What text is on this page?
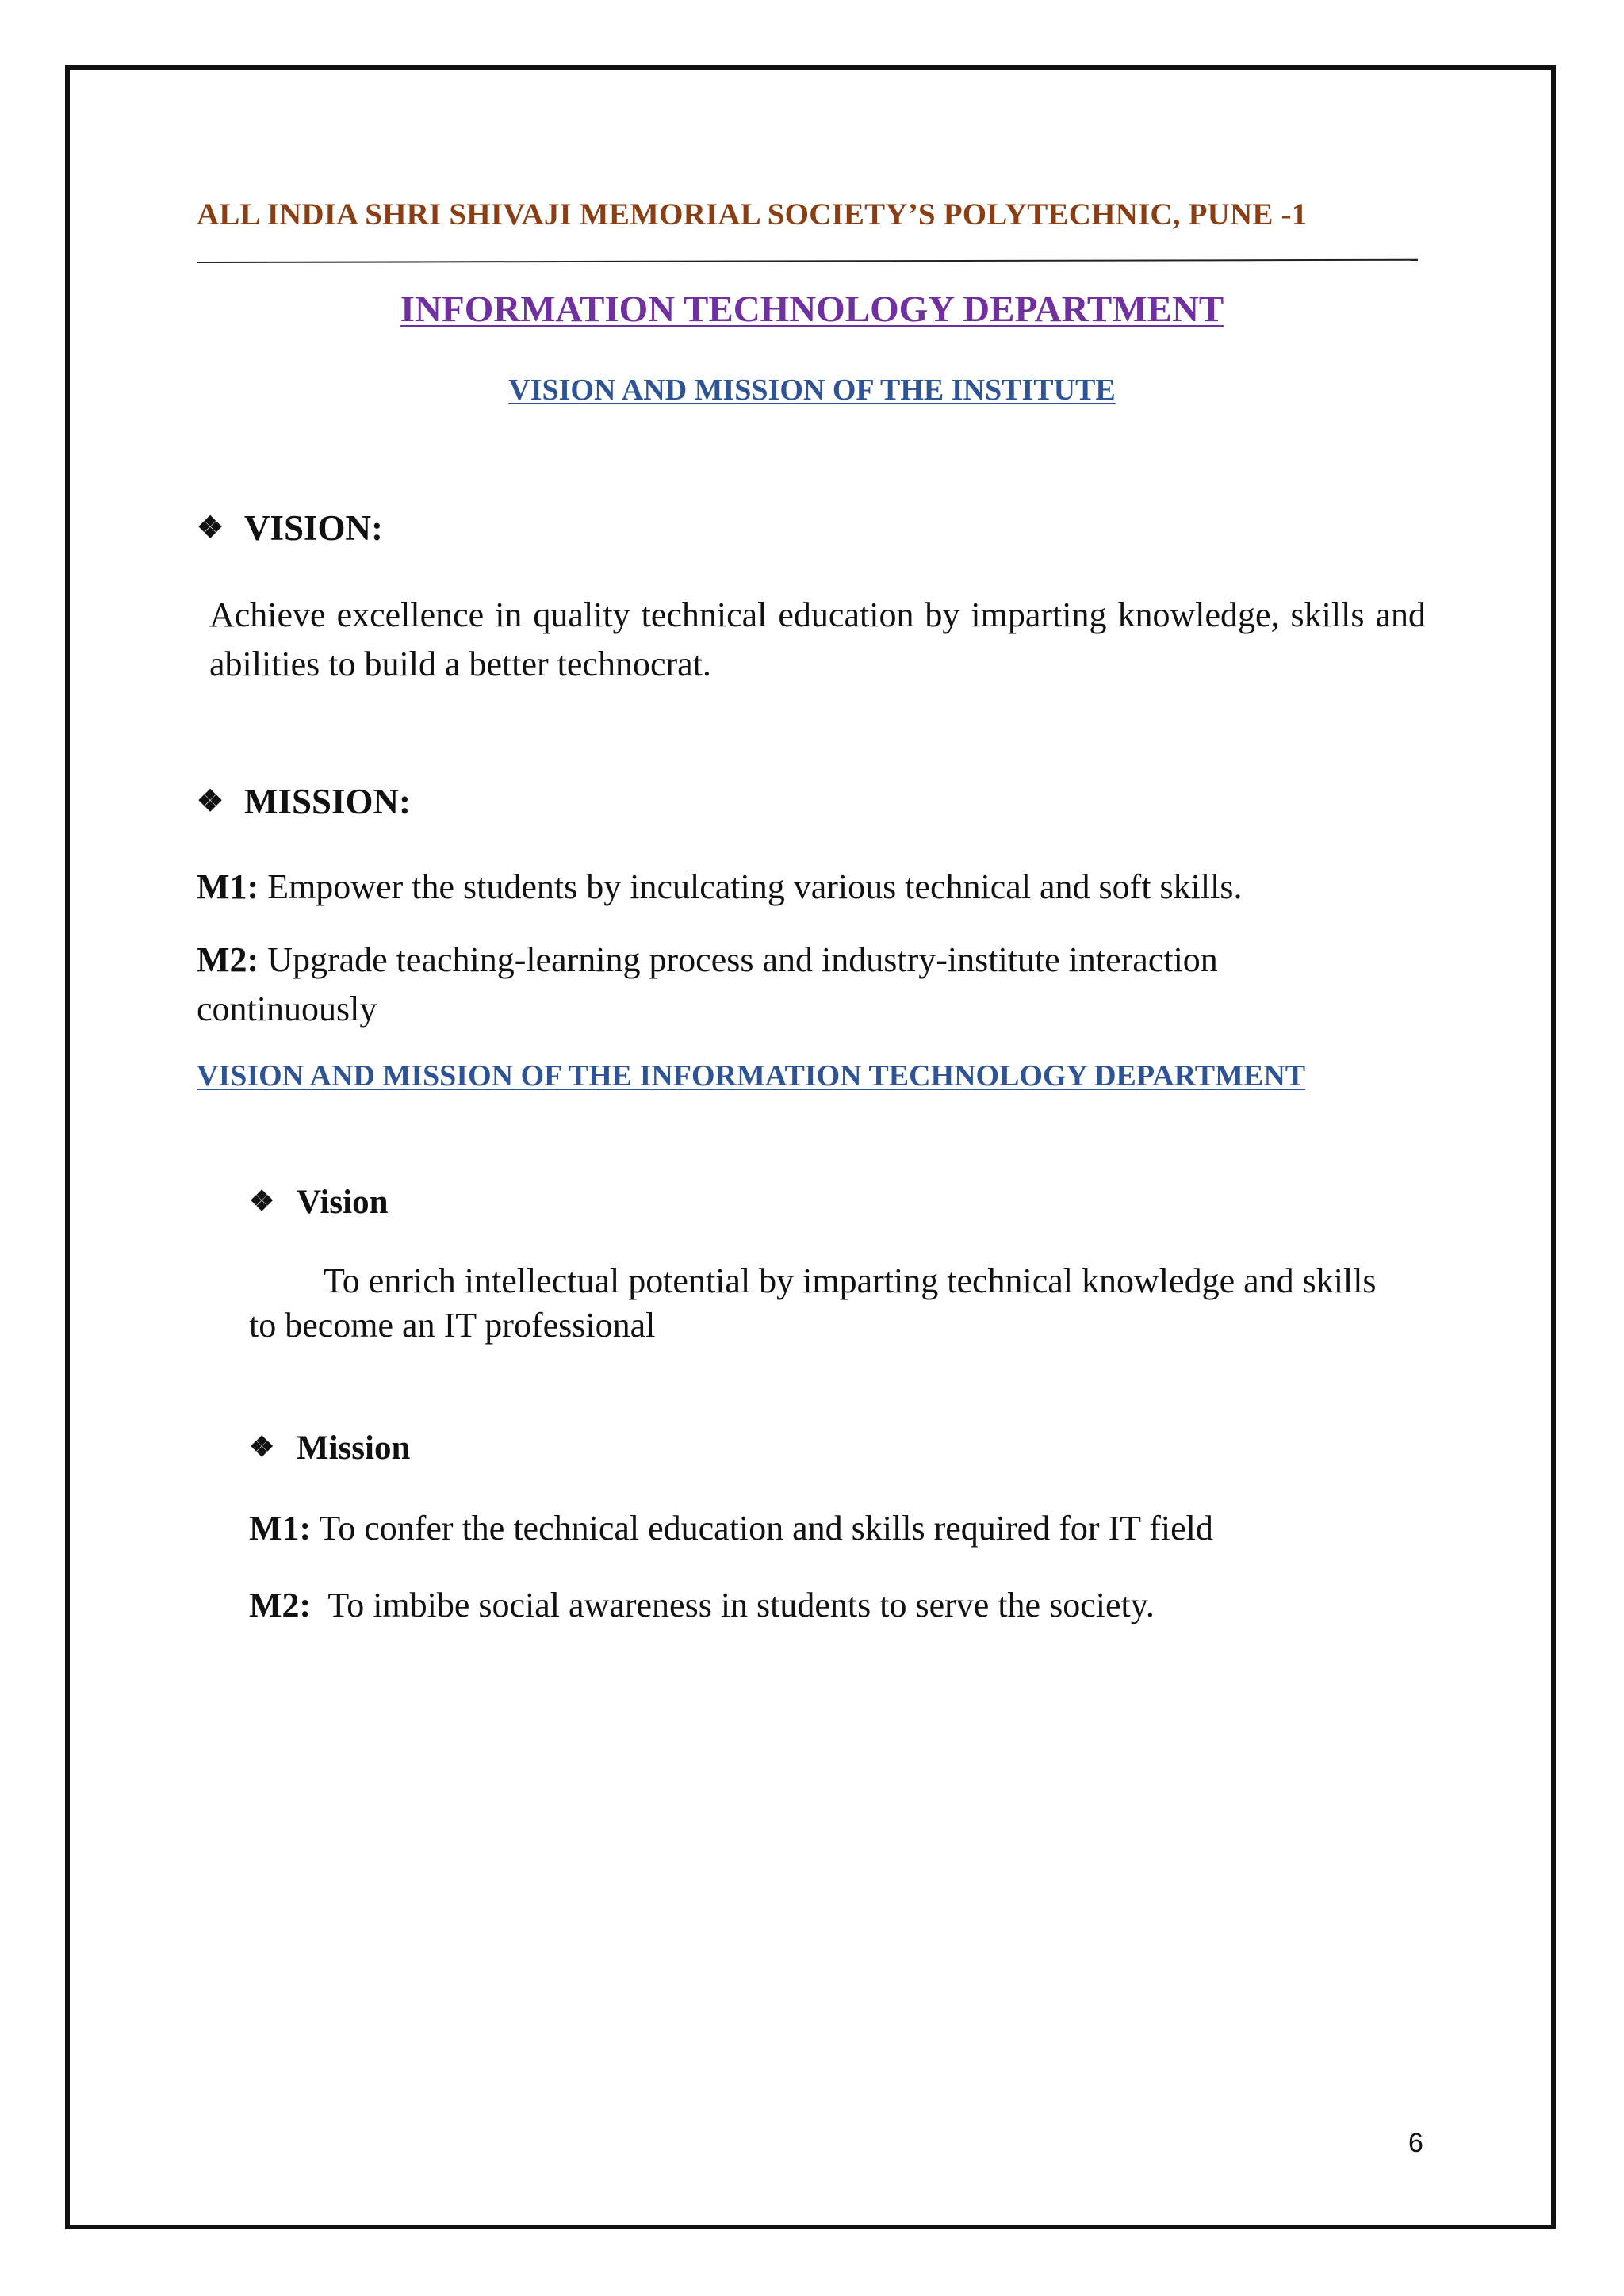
ALL INDIA SHRI SHIVAJI MEMORIAL SOCIETY’S POLYTECHNIC, PUNE -1
INFORMATION TECHNOLOGY DEPARTMENT
VISION AND MISSION OF THE INSTITUTE
❖ VISION:
Achieve excellence in quality technical education by imparting knowledge, skills and abilities to build a better technocrat.
❖ MISSION:
M1: Empower the students by inculcating various technical and soft skills.
M2: Upgrade teaching-learning process and industry-institute interaction
continuously
VISION AND MISSION OF THE INFORMATION TECHNOLOGY DEPARTMENT
❖ Vision
To enrich intellectual potential by imparting technical knowledge and skills
to become an IT professional
❖ Mission
M1: To confer the technical education and skills required for IT field
M2:  To imbibe social awareness in students to serve the society.
6
